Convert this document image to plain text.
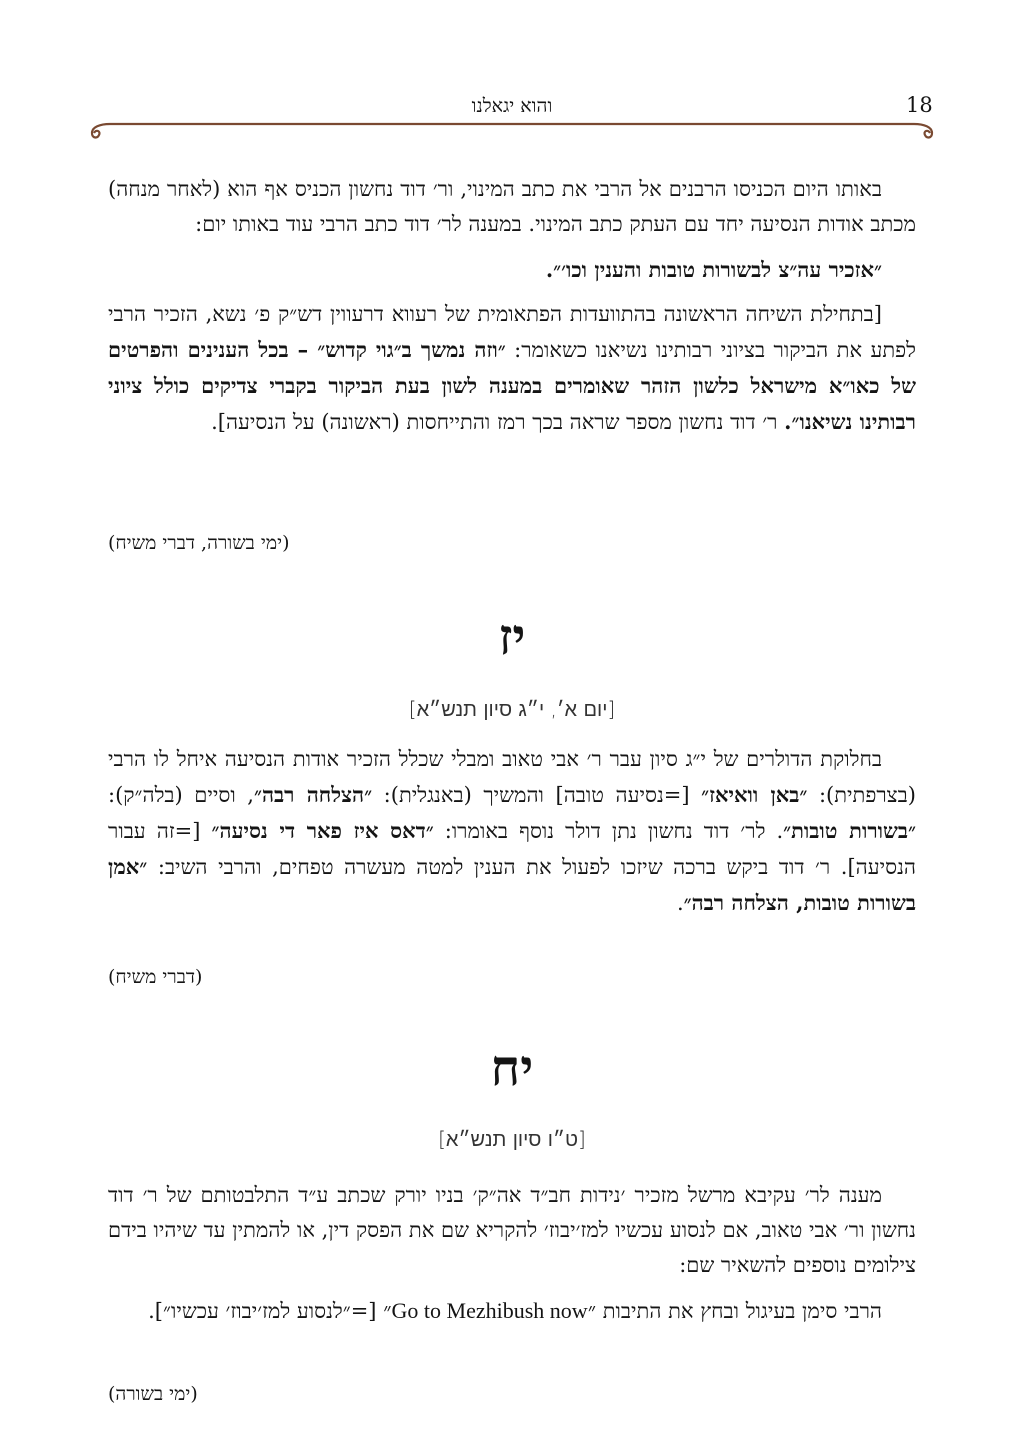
18
והוא יגאלנו

באותו היום הכניסו הרבנים אל הרבי את כתב המינוי, ור׳ דוד נחשון הכניס אף הוא (לאחר מנחה) מכתב אודות הנסיעה יחד עם העתק כתב המינוי. במענה לר׳ דוד כתב הרבי עוד באותו יום:

״אזכיר עה״צ לבשורות טובות והענין וכו׳״.

[בתחילת השיחה הראשונה בהתוועדות הפתאומית של רעווא דרעווין דש״ק פ׳ נשא, הזכיר הרבי לפתע את הביקור בציוני רבותינו נשיאנו כשאומר: ״וזה נמשך ב״גוי קדוש״ – בכל הענינים והפרטים של כאו״א מישראל כלשון הזהר שאומרים במענה לשון בעת הביקור בקברי צדיקים כולל ציוני רבותינו נשיאנו״. ר׳ דוד נחשון מספר שראה בכך רמז והתייחסות (ראשונה) על הנסיעה].

(ימי בשורה, דברי משיח)
יז
[יום א׳, י״ג סיון תנש״א]

בחלוקת הדולרים של י״ג סיון עבר ר׳ אבי טאוב ומבלי שכלל הזכיר אודות הנסיעה איחל לו הרבי (בצרפתית): ״באן וואיאז״ [=נסיעה טובה] והמשיך (באנגלית): ״הצלחה רבה״, וסיים (בלה״ק): ״בשורות טובות״. לר׳ דוד נחשון נתן דולר נוסף באומרו: ״דאס איז פאר די נסיעה״ [=זה עבור הנסיעה]. ר׳ דוד ביקש ברכה שיזכו לפעול את הענין למטה מעשרה טפחים, והרבי השיב: ״אמן בשורות טובות, הצלחה רבה״.

(דברי משיח)
יח
[ט״ו סיון תנש״א]

מענה לר׳ עקיבא מרשל מזכיר ׳נידות חב״ד אה״ק׳ בניו יורק שכתב ע״ד התלבטותם של ר׳ דוד נחשון ור׳ אבי טאוב, אם לנסוע עכשיו למז׳יבוז׳ להקריא שם את הפסק דין, או להמתין עד שיהיו בידם צילומים נוספים להשאיר שם:

הרבי סימן בעיגול ובחץ את התיבות ״Go to Mezhibush now״ [=״לנסוע למז׳יבוז׳ עכשיו״].

(ימי בשורה)
